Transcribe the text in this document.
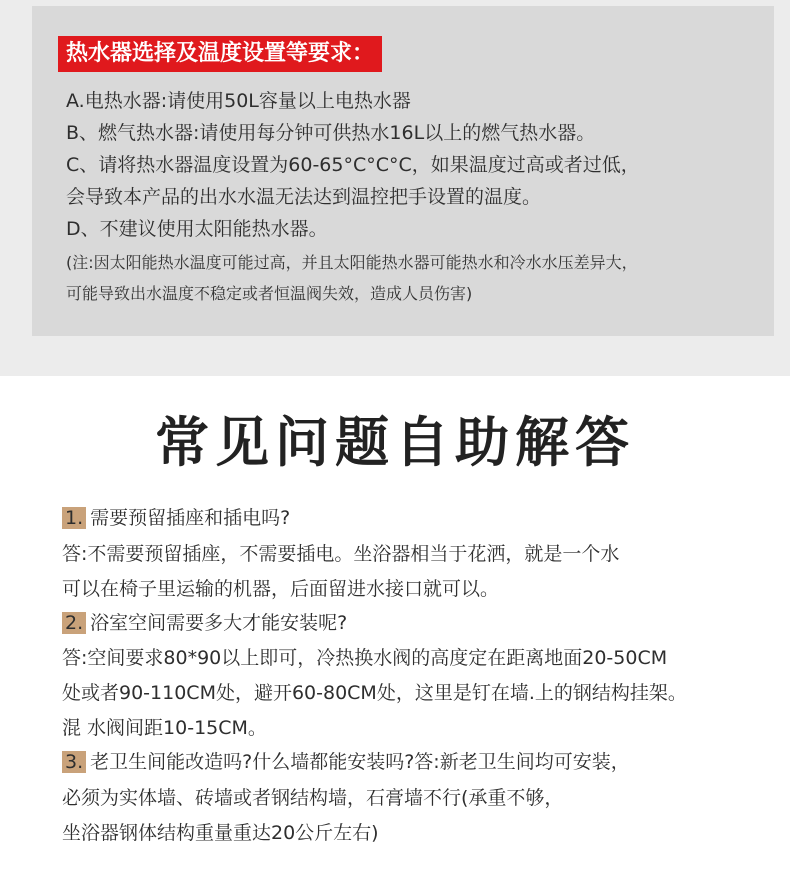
热水器选择及温度设置等要求：
A.电热水器:请使用50L容量以上电热水器
B、燃气热水器:请使用每分钟可供热水16L以上的燃气热水器。
C、请将热水器温度设置为60-65°C°C°C，如果温度过高或者过低，
会导致本产品的出水水温无法达到温控把手设置的温度。
D、不建议使用太阳能热水器。
(注:因太阳能热水温度可能过高，并且太阳能热水器可能热水和冷水水压差异大，
可能导致出水温度不稳定或者恒温阀失效，造成人员伤害)
常见问题自助解答
1. 需要预留插座和插电吗?
答:不需要预留插座，不需要插电。坐浴器相当于花洒，就是一个水
可以在椅子里运输的机器，后面留进水接口就可以。
2. 浴室空间需要多大才能安装呢?
答:空间要求80*90以上即可，冷热换水阀的高度定在距离地面20-50CM
处或者90-110CM处，避开60-80CM处，这里是钉在墙.上的钢结构挂架。
混 水阀间距10-15CM。
3. 老卫生间能改造吗?什么墙都能安装吗?答:新老卫生间均可安装，
必须为实体墙、砖墙或者钢结构墙，石膏墙不行(承重不够，
坐浴器钢体结构重量重达20公斤左右)
